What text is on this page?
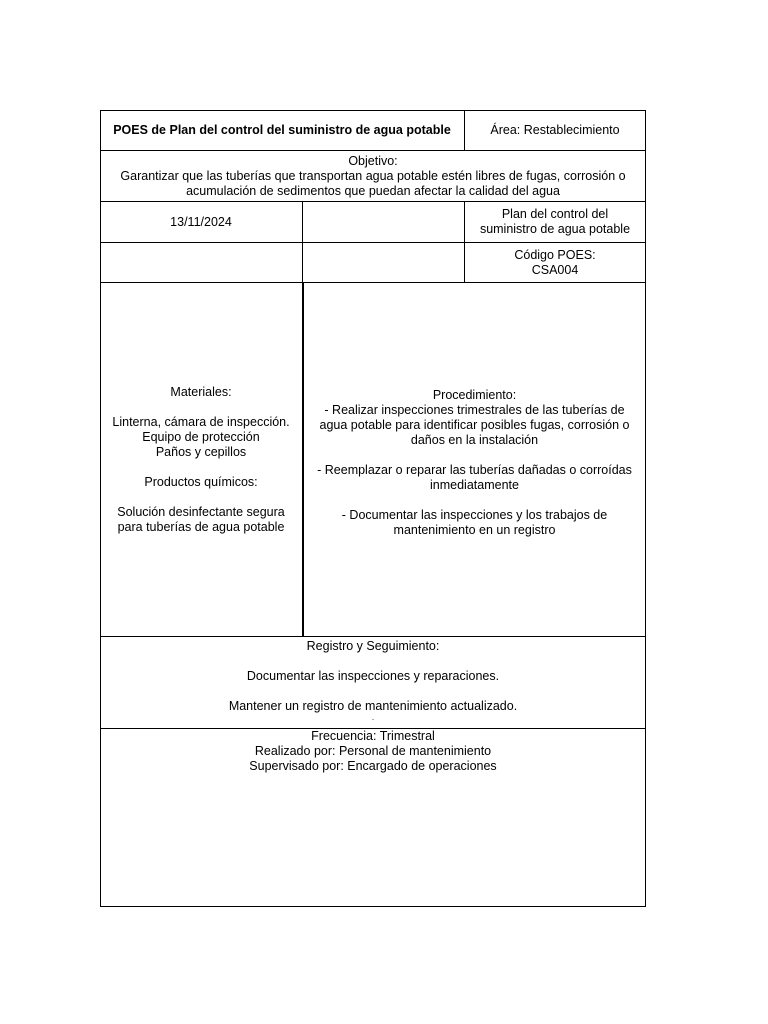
POES de Plan del control del suministro de agua potable	Área: Restablecimiento

Objetivo:

Garantizar que las tuberías que transportan agua potable estén libres de fugas, corrosión o

acumulación de sedimentos que puedan afectar la calidad del agua

13/11/2024

Plan del control del

suministro de agua potable

Código POES:

CSA004

Materiales:

Linterna, cámara de inspección.

Equipo de protección

Paños y cepillos

Productos químicos:

Solución desinfectante segura

para tuberías de agua potable

Procedimiento:

- Realizar inspecciones trimestrales de las tuberías de

agua potable para identificar posibles fugas, corrosión o

daños en la instalación

- Reemplazar o reparar las tuberías dañadas o corroídas

inmediatamente

- Documentar las inspecciones y los trabajos de

mantenimiento en un registro

Registro y Seguimiento:

Documentar las inspecciones y reparaciones.

Mantener un registro de mantenimiento actualizado.

.

Frecuencia: Trimestral

Realizado por: Personal de mantenimiento

Supervisado por: Encargado de operaciones
